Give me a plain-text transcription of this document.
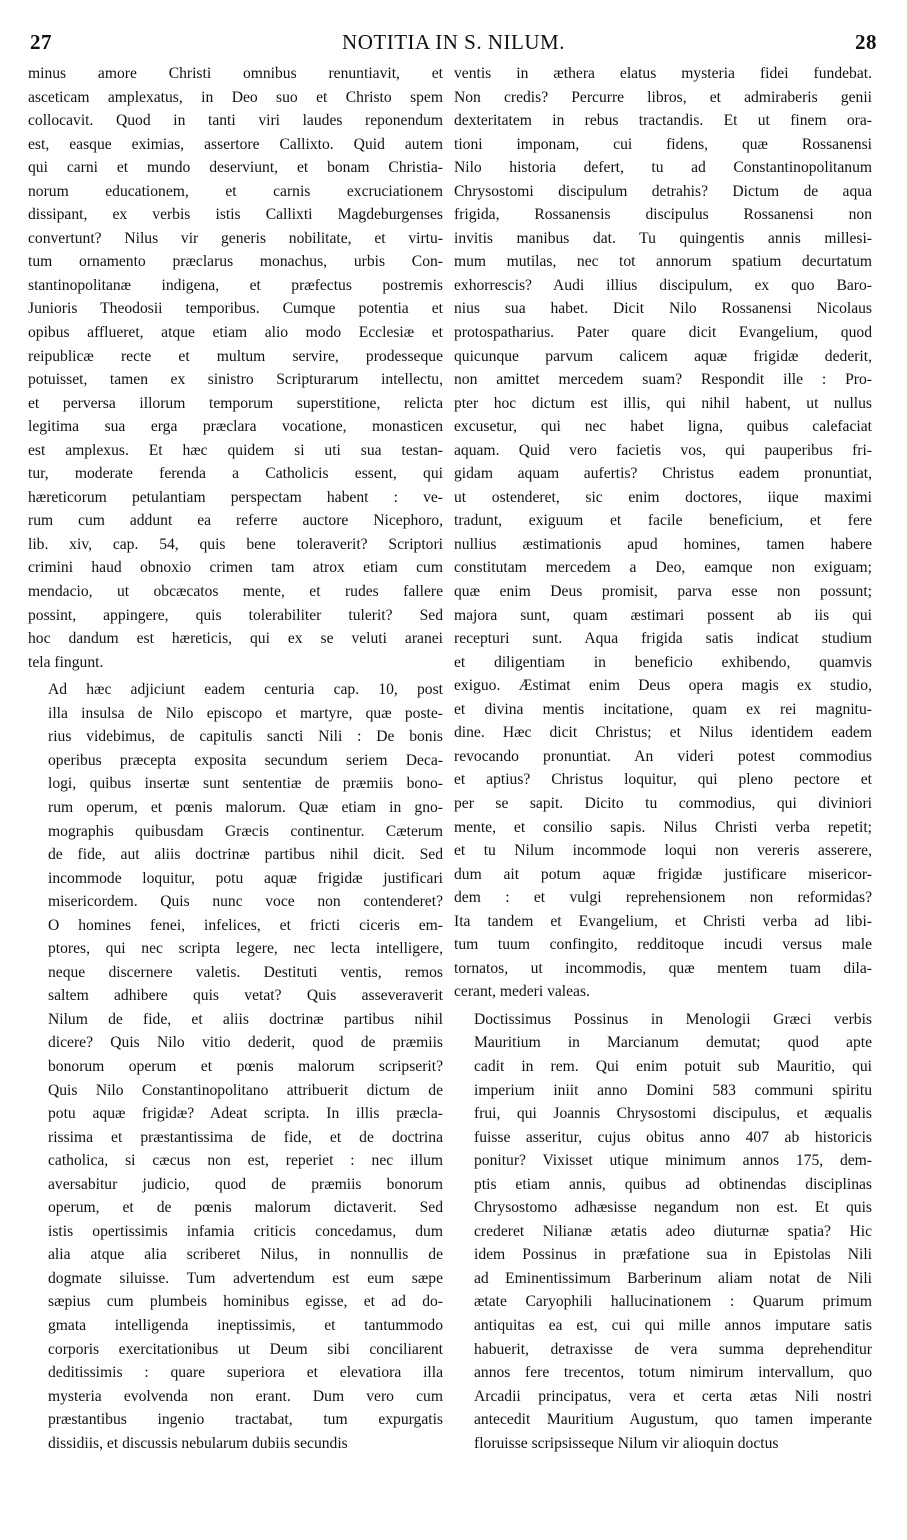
27	NOTITIA IN S. NILUM.	28

minus amore Christi omnibus renuntiavit, et
asceticam amplexatus, in Deo suo et Christo spem
collocavit. Quod in tanti viri laudes reponendum
est, easque eximias, assertore Callixto. Quid autem
qui carni et mundo deserviunt, et bonam Christia-
norum educationem, et carnis excruciationem
dissipant, ex verbis istis Callixti Magdeburgenses
convertunt? Nilus vir generis nobilitate, et virtu-
tum ornamento præclarus monachus, urbis Con-
stantinopolitanæ indigena, et præfectus postremis
Junioris Theodosii temporibus. Cumque potentia et
opibus afflueret, atque etiam alio modo Ecclesiæ et
reipublicæ recte et multum servire, prodesseque
potuisset, tamen ex sinistro Scripturarum intellectu,
et perversa illorum temporum superstitione, relicta
legitima sua erga præclara vocatione, monasticen
est amplexus. Et hæc quidem si uti sua testan-
tur, moderate ferenda a Catholicis essent, qui
hæreticorum petulantiam perspectam habent : ve-
rum cum addunt ea referre auctore Nicephoro,
lib. xiv, cap. 54, quis bene toleraverit? Scriptori
crimini haud obnoxio crimen tam atrox etiam cum
mendacio, ut obcæcatos mente, et rudes fallere
possint, appingere, quis tolerabiliter tulerit? Sed
hoc dandum est hæreticis, qui ex se veluti aranei
tela fingunt.

Ad hæc adjiciunt eadem centuria cap. 10, post
illa insulsa de Nilo episcopo et martyre, quæ poste-
rius videbimus, de capitulis sancti Nili : De bonis
operibus præcepta exposita secundum seriem Deca-
logi, quibus insertæ sunt sententiæ de præmiis bono-
rum operum, et pœnis malorum. Quæ etiam in gno-
mographis quibusdam Græcis continentur. Cæterum
de fide, aut aliis doctrinæ partibus nihil dicit. Sed
incommode loquitur, potu aquæ frigidæ justificari
misericordem. Quis nunc voce non contenderet?
O homines fenei, infelices, et fricti ciceris em-
ptores, qui nec scripta legere, nec lecta intelligere,
neque discernere valetis. Destituti ventis, remos
saltem adhibere quis vetat? Quis asseveraverit
Nilum de fide, et aliis doctrinæ partibus nihil
dicere? Quis Nilo vitio dederit, quod de præmiis
bonorum operum et pœnis malorum scripserit?
Quis Nilo Constantinopolitano attribuerit dictum de
potu aquæ frigidæ? Adeat scripta. In illis præcla-
rissima et præstantissima de fide, et de doctrina
catholica, si cæcus non est, reperiet : nec illum
aversabitur judicio, quod de præmiis bonorum
operum, et de pœnis malorum dictaverit. Sed
istis opertissimis infamia criticis concedamus, dum
alia atque alia scriberet Nilus, in nonnullis de
dogmate siluisse. Tum advertendum est eum sæpe
sæpius cum plumbeis hominibus egisse, et ad do-
gmata intelligenda ineptissimis, et tantummodo
corporis exercitationibus ut Deum sibi conciliarent
deditissimis : quare superiora et elevatiora illa
mysteria evolvenda non erant. Dum vero cum
præstantibus ingenio tractabat, tum expurgatis
dissidiis, et discussis nebularum dubiis secundis

ventis in æthera elatus mysteria fidei fundebat.
Non credis? Percurre libros, et admiraberis genii
dexteritatem in rebus tractandis. Et ut finem ora-
tioni imponam, cui fidens, quæ Rossanensi
Nilo historia defert, tu ad Constantinopolitanum
Chrysostomi discipulum detrahis? Dictum de aqua
frigida, Rossanensis discipulus Rossanensi non
invitis manibus dat. Tu quingentis annis millesi-
mum mutilas, nec tot annorum spatium decurtatum
exhorrescis? Audi illius discipulum, ex quo Baro-
nius sua habet. Dicit Nilo Rossanensi Nicolaus
protospatharius. Pater quare dicit Evangelium, quod
quicunque parvum calicem aquæ frigidæ dederit,
non amittet mercedem suam? Respondit ille : Pro-
pter hoc dictum est illis, qui nihil habent, ut nullus
excusetur, qui nec habet ligna, quibus calefaciat
aquam. Quid vero facietis vos, qui pauperibus fri-
gidam aquam aufertis? Christus eadem pronuntiat,
ut ostenderet, sic enim doctores, iique maximi
tradunt, exiguum et facile beneficium, et fere
nullius æstimationis apud homines, tamen habere
constitutam mercedem a Deo, eamque non exiguam;
quæ enim Deus promisit, parva esse non possunt;
majora sunt, quam æstimari possent ab iis qui
recepturi sunt. Aqua frigida satis indicat studium
et diligentiam in beneficio exhibendo, quamvis
exiguo. Æstimat enim Deus opera magis ex studio,
et divina mentis incitatione, quam ex rei magnitu-
dine. Hæc dicit Christus; et Nilus identidem eadem
revocando pronuntiat. An videri potest commodius
et aptius? Christus loquitur, qui pleno pectore et
per se sapit. Dicito tu commodius, qui diviniori
mente, et consilio sapis. Nilus Christi verba repetit;
et tu Nilum incommode loqui non vereris asserere,
dum ait potum aquæ frigidæ justificare misericor-
dem : et vulgi reprehensionem non reformidas?
Ita tandem et Evangelium, et Christi verba ad libi-
tum tuum confingito, redditoque incudi versus male
tornatos, ut incommodis, quæ mentem tuam dila-
cerant, mederi valeas.

Doctissimus Possinus in Menologii Græci verbis
Mauritium in Marcianum demutat; quod apte
cadit in rem. Qui enim potuit sub Mauritio, qui
imperium iniit anno Domini 583 communi spiritu
frui, qui Joannis Chrysostomi discipulus, et æqualis
fuisse asseritur, cujus obitus anno 407 ab historicis
ponitur? Vixisset utique minimum annos 175, dem-
ptis etiam annis, quibus ad obtinendas disciplinas
Chrysostomo adhæsisse negandum non est. Et quis
crederet Nilianæ ætatis adeo diuturnæ spatia? Hic
idem Possinus in præfatione sua in Epistolas Nili
ad Eminentissimum Barberinum aliam notat de Nili
ætate Caryophili hallucinationem : Quarum primum
antiquitas ea est, cui qui mille annos imputare satis
habuerit, detraxisse de vera summa deprehenditur
annos fere trecentos, totum nimirum intervallum, quo
Arcadii principatus, vera et certa ætas Nili nostri
antecedit Mauritium Augustum, quo tamen imperante
floruisse scripsisseque Nilum vir alioquin doctus
